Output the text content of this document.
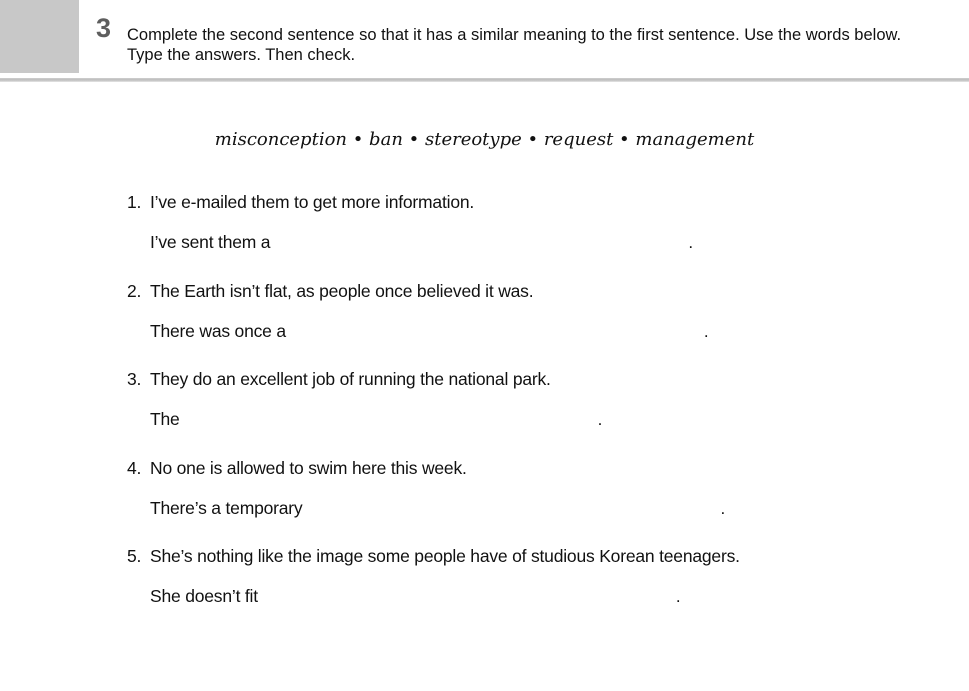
3 Complete the second sentence so that it has a similar meaning to the first sentence. Use the words below. Type the answers. Then check.
misconception • ban • stereotype • request • management
1. I’ve e-mailed them to get more information.
I’ve sent them a	.
2. The Earth isn’t flat, as people once believed it was.
There was once a	.
3. They do an excellent job of running the national park.
The	.
4. No one is allowed to swim here this week.
There’s a temporary	.
5. She’s nothing like the image some people have of studious Korean teenagers.
She doesn’t fit	.
